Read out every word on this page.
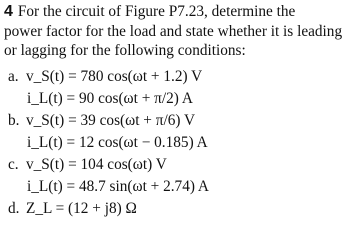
4 For the circuit of Figure P7.23, determine the
power factor for the load and state whether it is leading
or lagging for the following conditions:
a. v_S(t) = 780 cos(ωt + 1.2) V
i_L(t) = 90 cos(ωt + π/2) A
b. v_S(t) = 39 cos(ωt + π/6) V
i_L(t) = 12 cos(ωt − 0.185) A
c. v_S(t) = 104 cos(ωt) V
i_L(t) = 48.7 sin(ωt + 2.74) A
d. Z_L = (12 + j8) Ω
